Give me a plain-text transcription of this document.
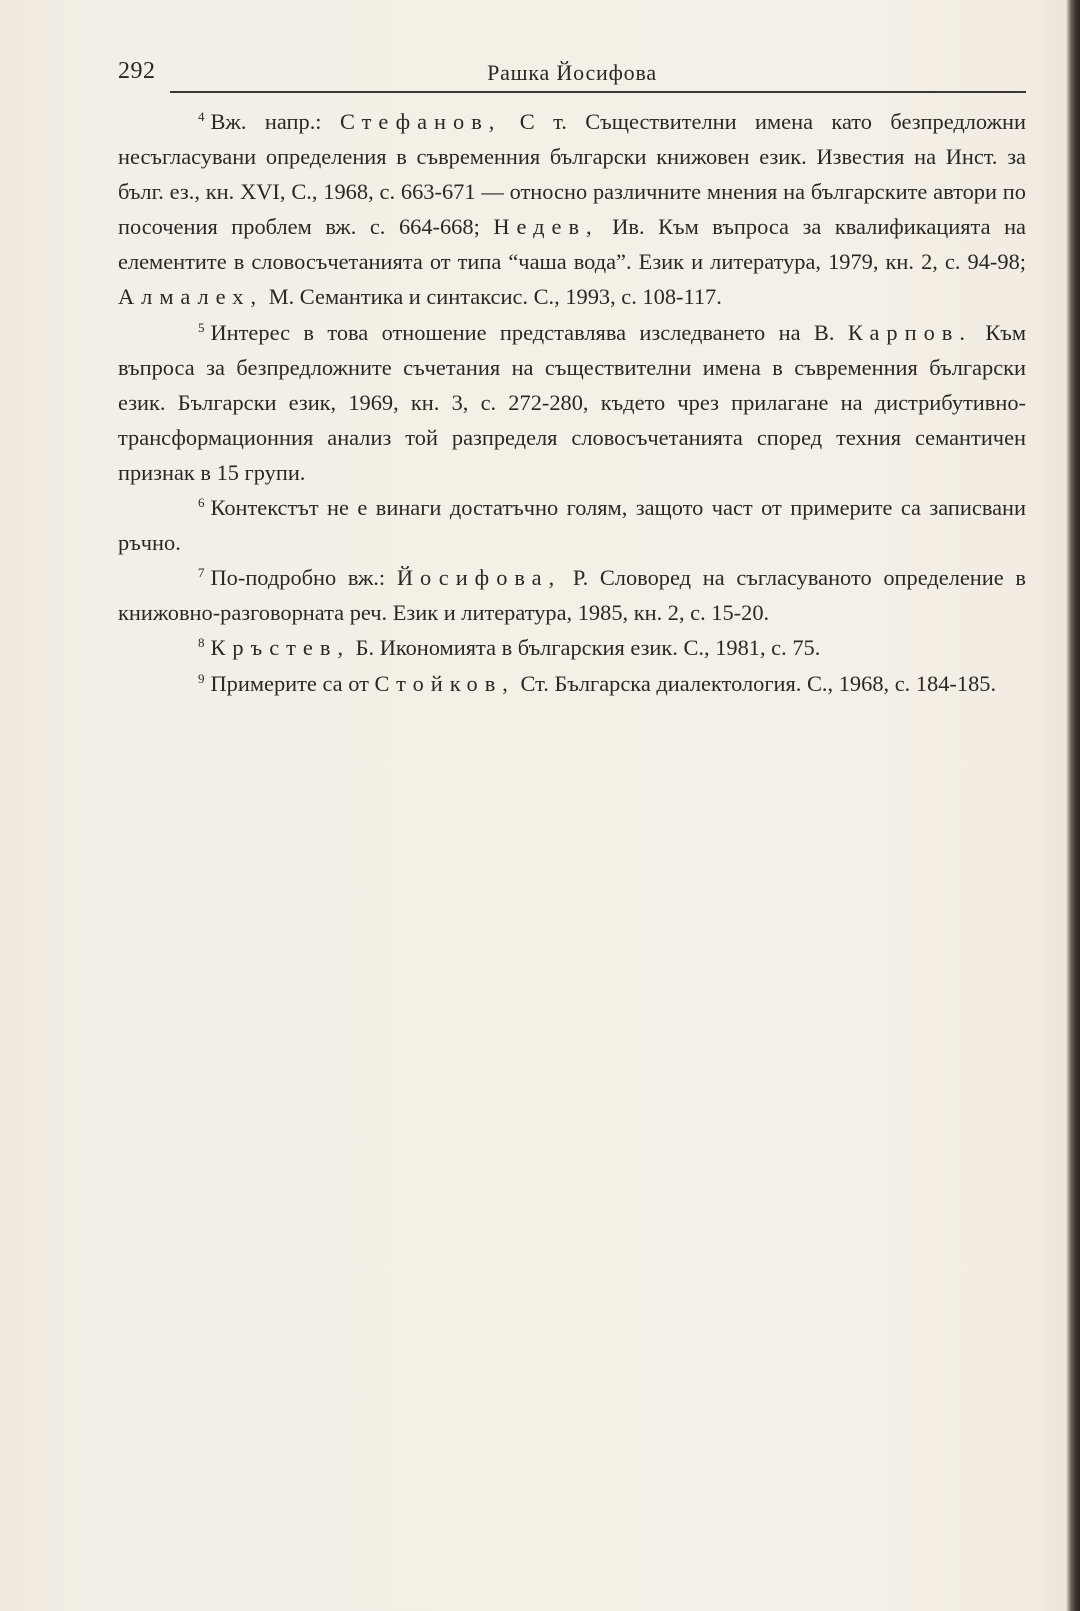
292	Рашка Йосифова

$^4$ Вж. напр.: Стефанов, С т. Съществителни имена като безпредложни несъгласувани определения в съвременния български книжовен език. Известия на Инст. за бълг. ез., кн. XVI, С., 1968, с. 663-671 — относно различните мнения на българските автори по посочения проблем вж. с. 664-668; Недев, Ив. Към въпроса за квалификацията на елементите в словосъчетанията от типа “чаша вода”. Език и литература, 1979, кн. 2, с. 94-98; Алмалех, М. Семантика и синтаксис. С., 1993, с. 108-117.

$^5$ Интерес в това отношение представлява изследването на В. Карпов. Към въпроса за безпредложните съчетания на съществителни имена в съвременния български език. Български език, 1969, кн. 3, с. 272-280, където чрез прилагане на дистрибутивно-трансформационния анализ той разпределя словосъчетанията според техния семантичен признак в 15 групи.

$^6$ Контекстът не е винаги достатъчно голям, защото част от примерите са записвани ръчно.

$^7$ По-подробно вж.: Йосифова, Р. Словоред на съгласуваното определение в книжовно-разговорната реч. Език и литература, 1985, кн. 2, с. 15-20.

$^8$ Кръстев, Б. Икономията в българския език. С., 1981, с. 75.

$^9$ Примерите са от Стойков, Ст. Българска диалектология. С., 1968, с. 184-185.
